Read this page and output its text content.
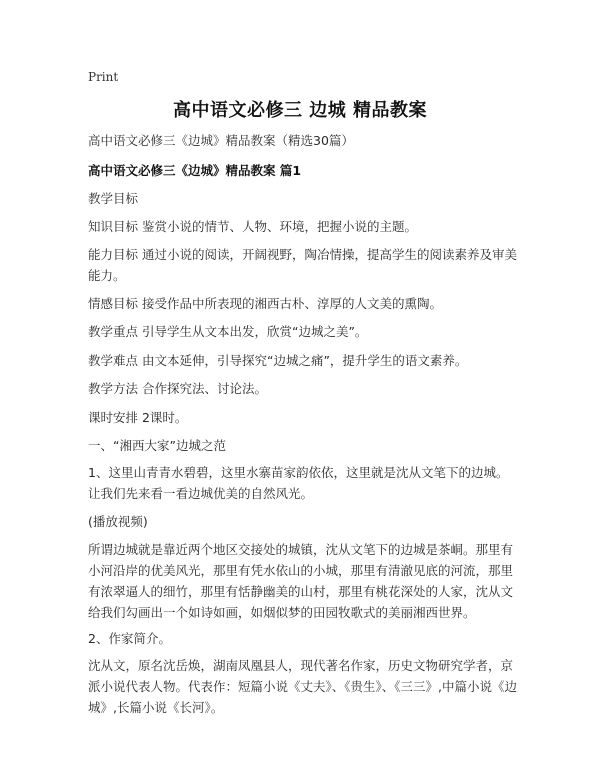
Print
高中语文必修三 边城 精品教案
高中语文必修三《边城》精品教案（精选30篇）
高中语文必修三《边城》精品教案 篇1
教学目标
知识目标 鉴赏小说的情节、人物、环境，把握小说的主题。
能力目标 通过小说的阅读，开阔视野，陶冶情操，提高学生的阅读素养及审美能力。
情感目标 接受作品中所表现的湘西古朴、淳厚的人文美的熏陶。
教学重点 引导学生从文本出发，欣赏“边城之美”。
教学难点 由文本延伸，引导探究“边城之痛”，提升学生的语文素养。
教学方法 合作探究法、讨论法。
课时安排 2课时。
一、“湘西大家”边城之范
1、这里山青青水碧碧，这里水寨苗家韵依依，这里就是沈从文笔下的边城。让我们先来看一看边城优美的自然风光。
(播放视频)
所谓边城就是靠近两个地区交接处的城镇，沈从文笔下的边城是茶峒。那里有小河沿岸的优美风光，那里有凭水依山的小城，那里有清澈见底的河流，那里有浓翠逼人的细竹，那里有恬静幽美的山村，那里有桃花深处的人家，沈从文给我们勾画出一个如诗如画，如烟似梦的田园牧歌式的美丽湘西世界。
2、作家简介。
沈从文，原名沈岳焕，湖南凤凰县人，现代著名作家，历史文物研究学者，京派小说代表人物。代表作：短篇小说《丈夫》、《贵生》、《三三》,中篇小说《边城》,长篇小说《长河》。
